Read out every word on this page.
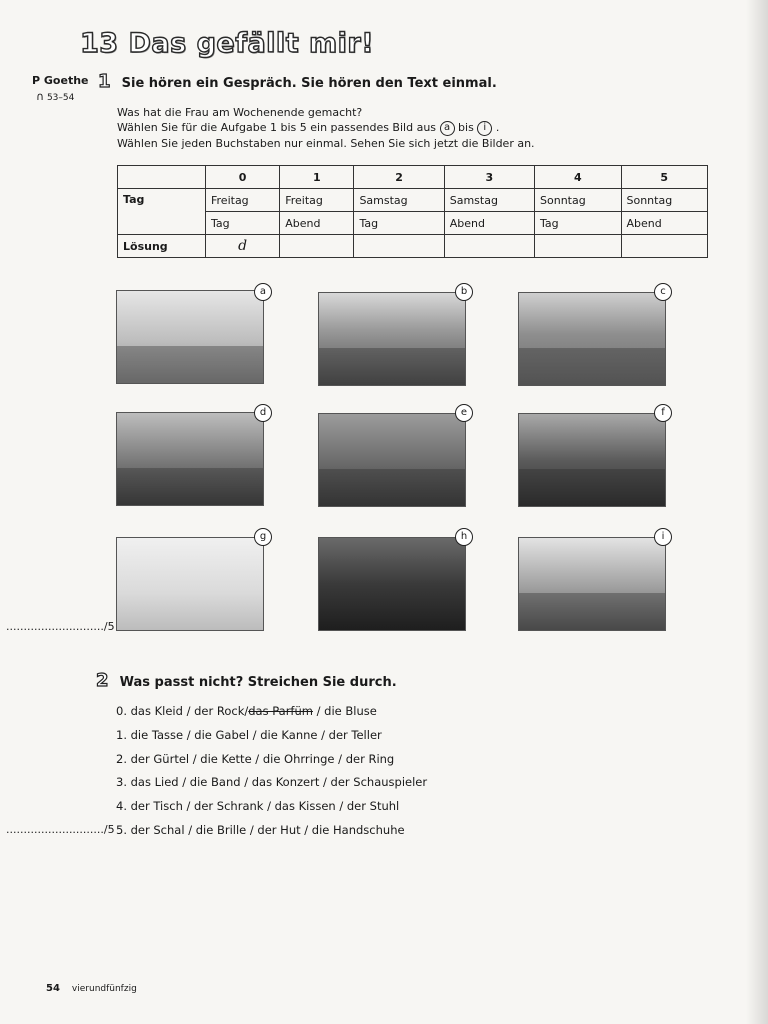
13 Das gefällt mir!
P Goethe
∩ 53–54
1 Sie hören ein Gespräch. Sie hören den Text einmal.
Was hat die Frau am Wochenende gemacht?
Wählen Sie für die Aufgabe 1 bis 5 ein passendes Bild aus a bis i .
Wählen Sie jeden Buchstaben nur einmal. Sehen Sie sich jetzt die Bilder an.
	0	1	2	3	4	5
Tag	Freitag	Freitag	Samstag	Samstag	Sonntag	Sonntag
	Tag	Abend	Tag	Abend	Tag	Abend
Lösung	d					
a	b	c
d	e	f
g	h	i
............................/5
2 Was passt nicht? Streichen Sie durch.
0. das Kleid / der Rock/das Parfüm / die Bluse
1. die Tasse / die Gabel / die Kanne / der Teller
2. der Gürtel / die Kette / die Ohrringe / der Ring
3. das Lied / die Band / das Konzert / der Schauspieler
4. der Tisch / der Schrank / das Kissen / der Stuhl
5. der Schal / die Brille / der Hut / die Handschuhe
............................/5
54 vierundfünfzig
